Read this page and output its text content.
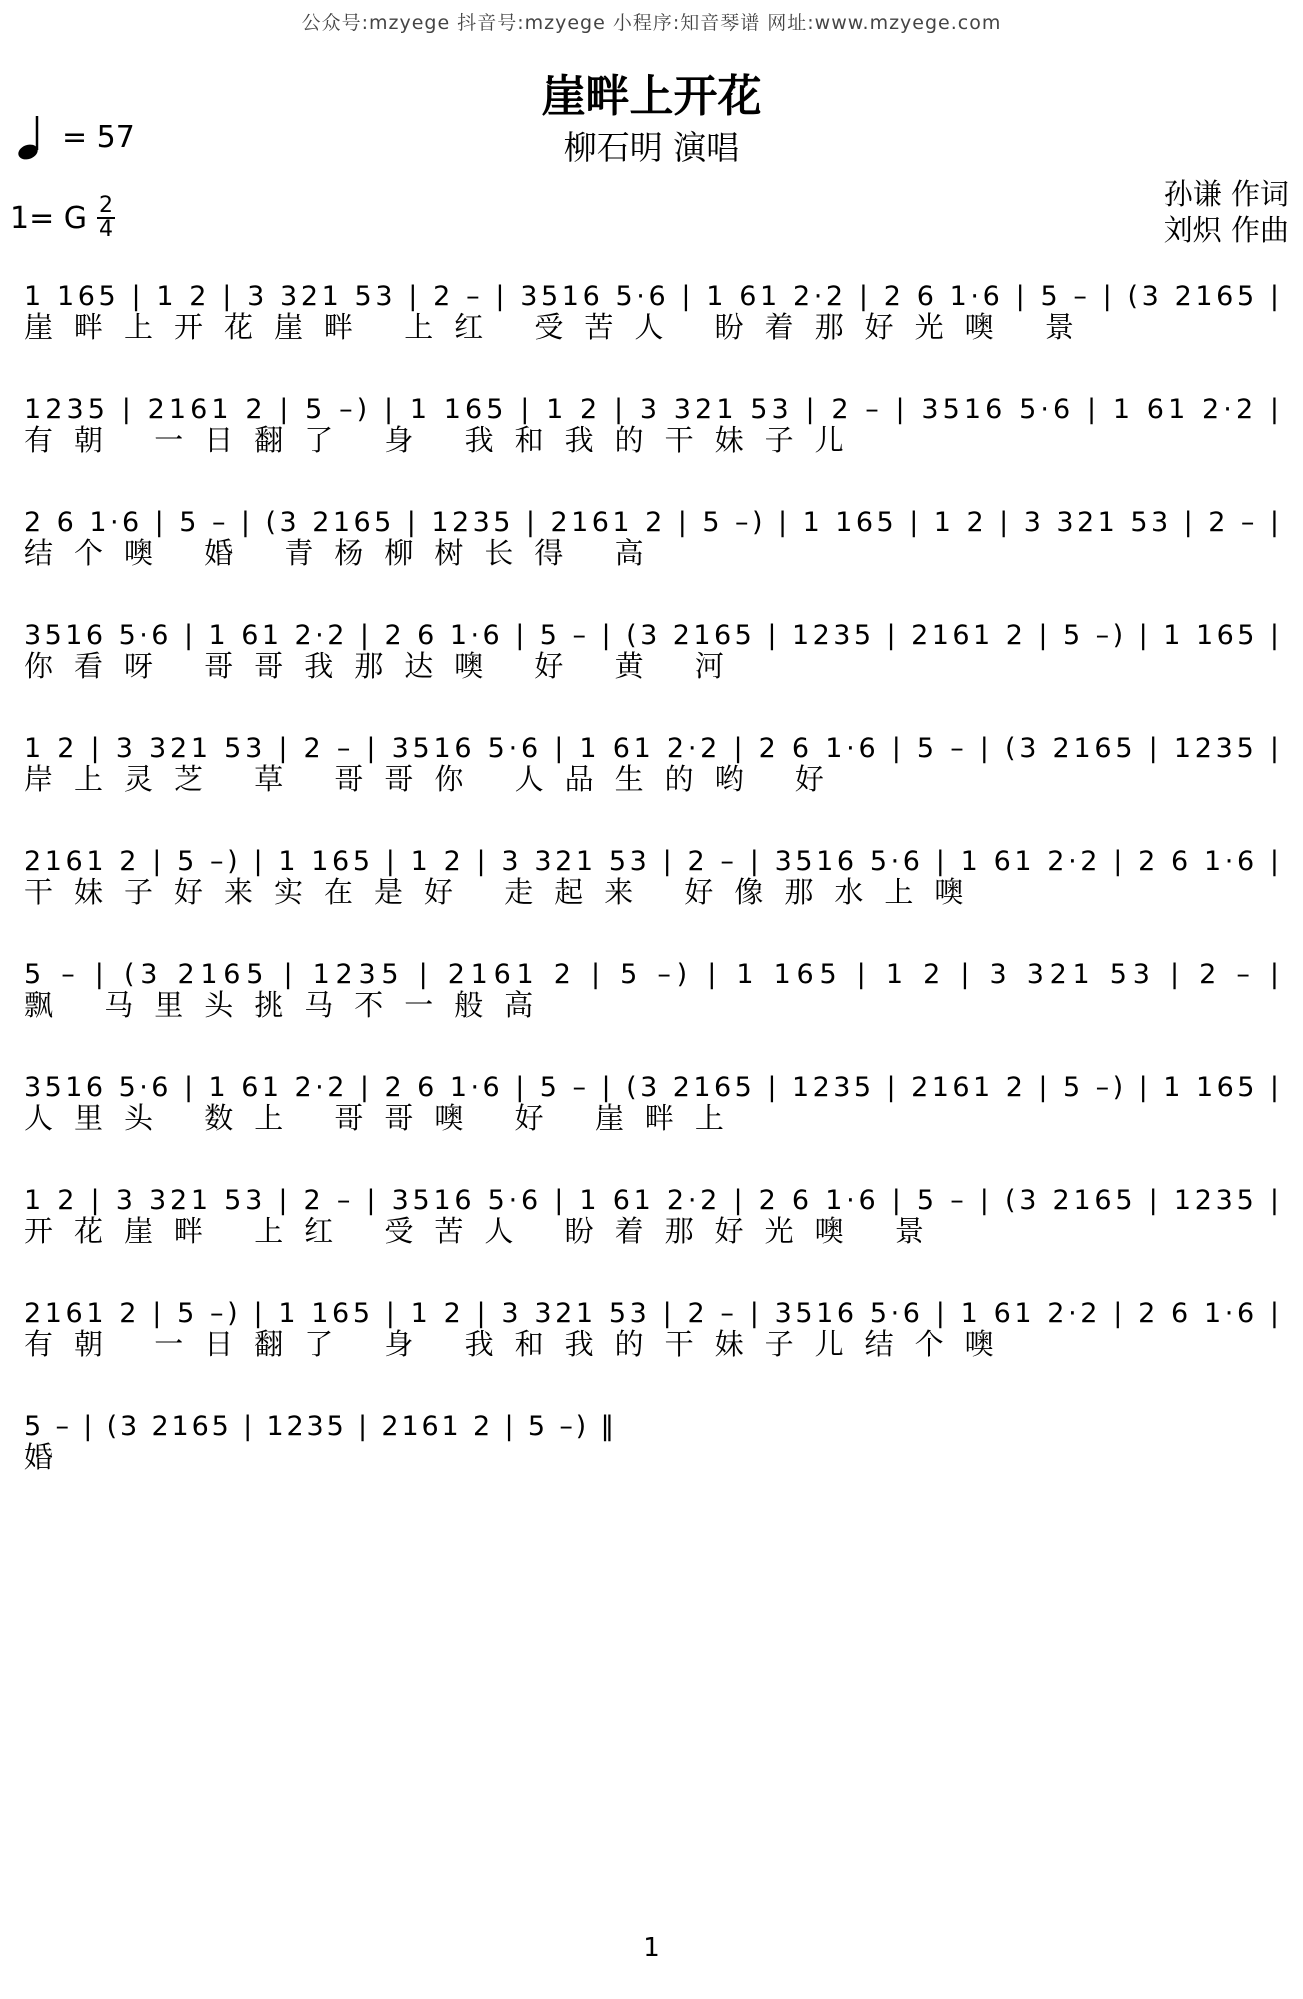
公众号:mzyege 抖音号:mzyege 小程序:知音琴谱 网址:www.mzyege.com
崖畔上开花
柳石明 演唱
= 57
1= G 2
4
孙谦 作词
刘炽 作曲
1 165 | 1 2 | 3 321 53 | 2 – | 3516 5·6 | 1 61 2·2 | 2 6 1·6 | 5 – | (3 2165 |
崖畔上开花崖畔 上红 受苦人 盼着那好光噢 景
1235 | 2161 2 | 5 –) | 1 165 | 1 2 | 3 321 53 | 2 – | 3516 5·6 | 1 61 2·2 |
有朝 一日翻了 身 我和我的干妹子儿
2 6 1·6 | 5 – | (3 2165 | 1235 | 2161 2 | 5 –) | 1 165 | 1 2 | 3 321 53 | 2 – |
结个噢 婚 青杨柳树长得 高
3516 5·6 | 1 61 2·2 | 2 6 1·6 | 5 – | (3 2165 | 1235 | 2161 2 | 5 –) | 1 165 |
你看呀 哥哥我那达噢 好 黄 河
1 2 | 3 321 53 | 2 – | 3516 5·6 | 1 61 2·2 | 2 6 1·6 | 5 – | (3 2165 | 1235 |
岸上灵芝 草 哥哥你 人品生的哟 好
2161 2 | 5 –) | 1 165 | 1 2 | 3 321 53 | 2 – | 3516 5·6 | 1 61 2·2 | 2 6 1·6 |
干妹子好来实在是好 走起来 好像那水上噢
5 – | (3 2165 | 1235 | 2161 2 | 5 –) | 1 165 | 1 2 | 3 321 53 | 2 – |
飘 马里头挑马不一般高
3516 5·6 | 1 61 2·2 | 2 6 1·6 | 5 – | (3 2165 | 1235 | 2161 2 | 5 –) | 1 165 |
人里头 数上 哥哥噢 好 崖畔上
1 2 | 3 321 53 | 2 – | 3516 5·6 | 1 61 2·2 | 2 6 1·6 | 5 – | (3 2165 | 1235 |
开花崖畔 上红 受苦人 盼着那好光噢 景
2161 2 | 5 –) | 1 165 | 1 2 | 3 321 53 | 2 – | 3516 5·6 | 1 61 2·2 | 2 6 1·6 |
有朝 一日翻了 身 我和我的干妹子儿结个噢
5 – | (3 2165 | 1235 | 2161 2 | 5 –) ‖
婚
1
